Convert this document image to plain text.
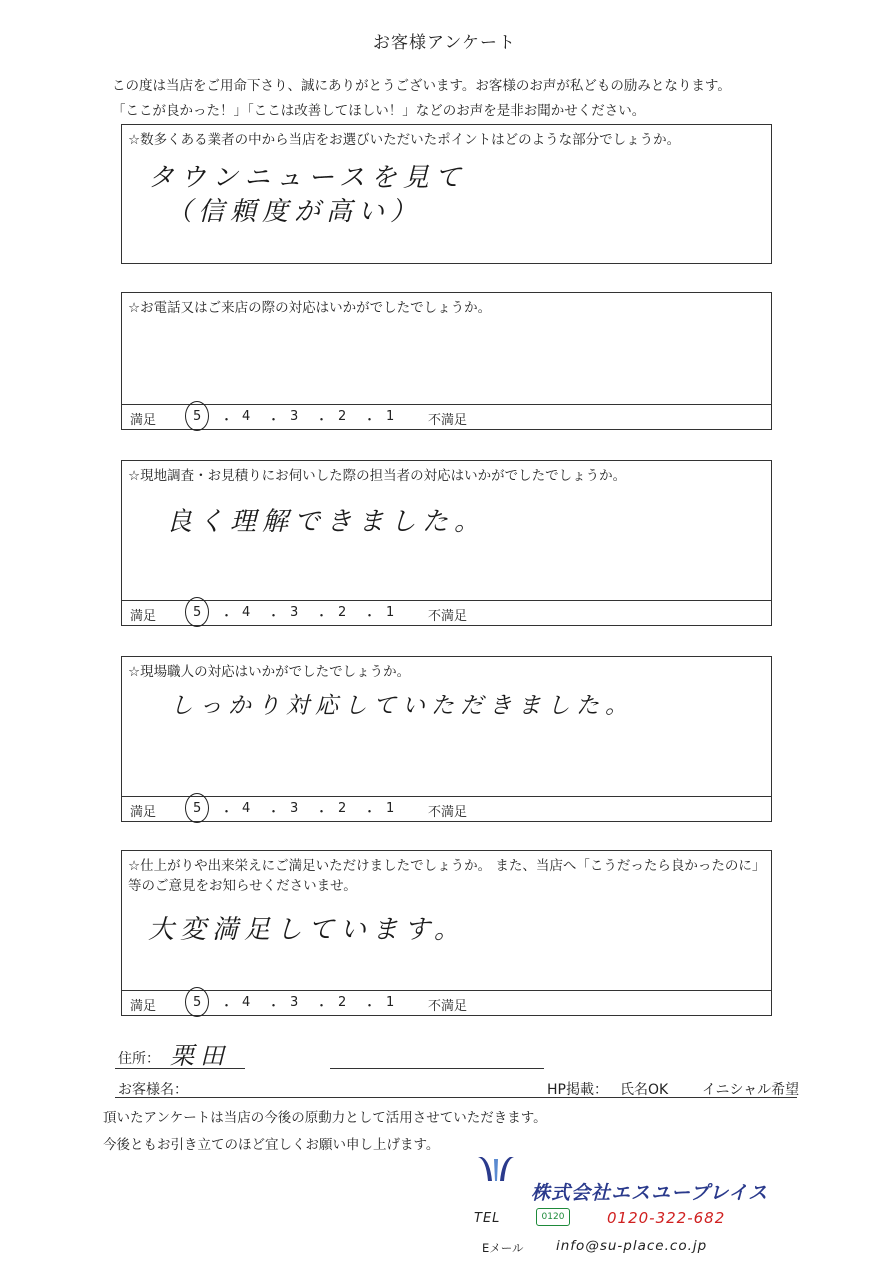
お客様アンケート
この度は当店をご用命下さり、誠にありがとうございます。お客様のお声が私どもの励みとなります。
「ここが良かった！」「ここは改善してほしい！」などのお声を是非お聞かせください。
☆数多くある業者の中から当店をお選びいただいたポイントはどのような部分でしょうか。
タウンニュースを見て
（信頼度が高い）
☆お電話又はご来店の際の対応はいかがでしたでしょうか。
満足	5 ・ 4 ・ 3 ・ 2 ・ 1	不満足
☆現地調査・お見積りにお伺いした際の担当者の対応はいかがでしたでしょうか。
良く理解できました。
満足	5 ・ 4 ・ 3 ・ 2 ・ 1	不満足
☆現場職人の対応はいかがでしたでしょうか。
しっかり対応していただきました。
満足	5 ・ 4 ・ 3 ・ 2 ・ 1	不満足
☆仕上がりや出来栄えにご満足いただけましたでしょうか。 また、当店へ「こうだったら良かったのに」
等のご意見をお知らせくださいませ。
大変満足しています。
満足	5 ・ 4 ・ 3 ・ 2 ・ 1	不満足
住所： 栗田
お客様名：	HP掲載： 氏名OK イニシャル希望
頂いたアンケートは当店の今後の原動力として活用させていただきます。
今後ともお引き立てのほど宜しくお願い申し上げます。
株式会社エスユープレイス
TEL	0120	0120-322-682
Eメール info@su-place.co.jp
